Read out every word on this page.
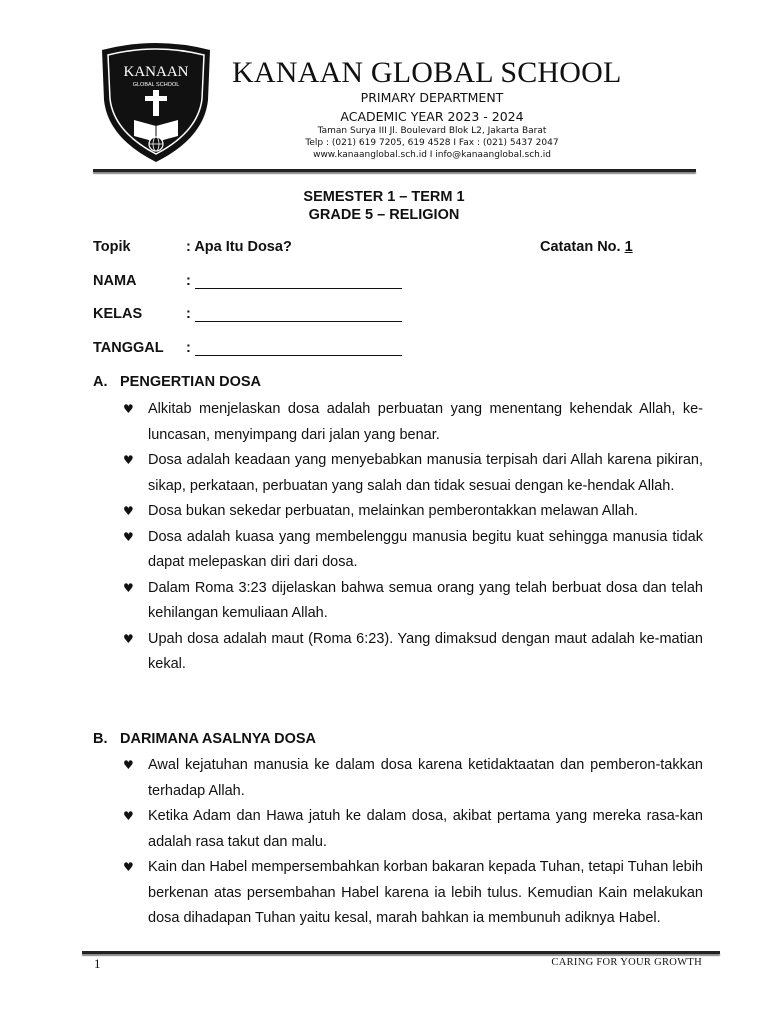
KANAAN
GLOBAL SCHOOL KANAAN GLOBAL SCHOOL
PRIMARY DEPARTMENT
ACADEMIC YEAR 2023 - 2024
Taman Surya III Jl. Boulevard Blok L2, Jakarta Barat
Telp : (021) 619 7205, 619 4528 I Fax : (021) 5437 2047
www.kanaanglobal.sch.id I info@kanaanglobal.sch.id
SEMESTER 1 – TERM 1
GRADE 5 – RELIGION
Topik	: Apa Itu Dosa?	Catatan No. 1
NAMA	:
KELAS	:
TANGGAL :
A. PENGERTIAN DOSA
♥ Alkitab menjelaskan dosa adalah perbuatan yang menentang kehendak Allah, ke-luncasan, menyimpang dari jalan yang benar.
♥ Dosa adalah keadaan yang menyebabkan manusia terpisah dari Allah karena pikiran, sikap, perkataan, perbuatan yang salah dan tidak sesuai dengan ke-hendak Allah.
♥ Dosa bukan sekedar perbuatan, melainkan pemberontakkan melawan Allah.
♥ Dosa adalah kuasa yang membelenggu manusia begitu kuat sehingga manusia tidak dapat melepaskan diri dari dosa.
♥ Dalam Roma 3:23 dijelaskan bahwa semua orang yang telah berbuat dosa dan telah kehilangan kemuliaan Allah.
♥ Upah dosa adalah maut (Roma 6:23). Yang dimaksud dengan maut adalah ke-matian kekal.
B. DARIMANA ASALNYA DOSA
♥ Awal kejatuhan manusia ke dalam dosa karena ketidaktaatan dan pemberon-takkan terhadap Allah.
♥ Ketika Adam dan Hawa jatuh ke dalam dosa, akibat pertama yang mereka rasa-kan adalah rasa takut dan malu.
♥ Kain dan Habel mempersembahkan korban bakaran kepada Tuhan, tetapi Tuhan lebih berkenan atas persembahan Habel karena ia lebih tulus. Kemudian Kain melakukan dosa dihadapan Tuhan yaitu kesal, marah bahkan ia membunuh adiknya Habel.
1	CARING FOR YOUR GROWTH
